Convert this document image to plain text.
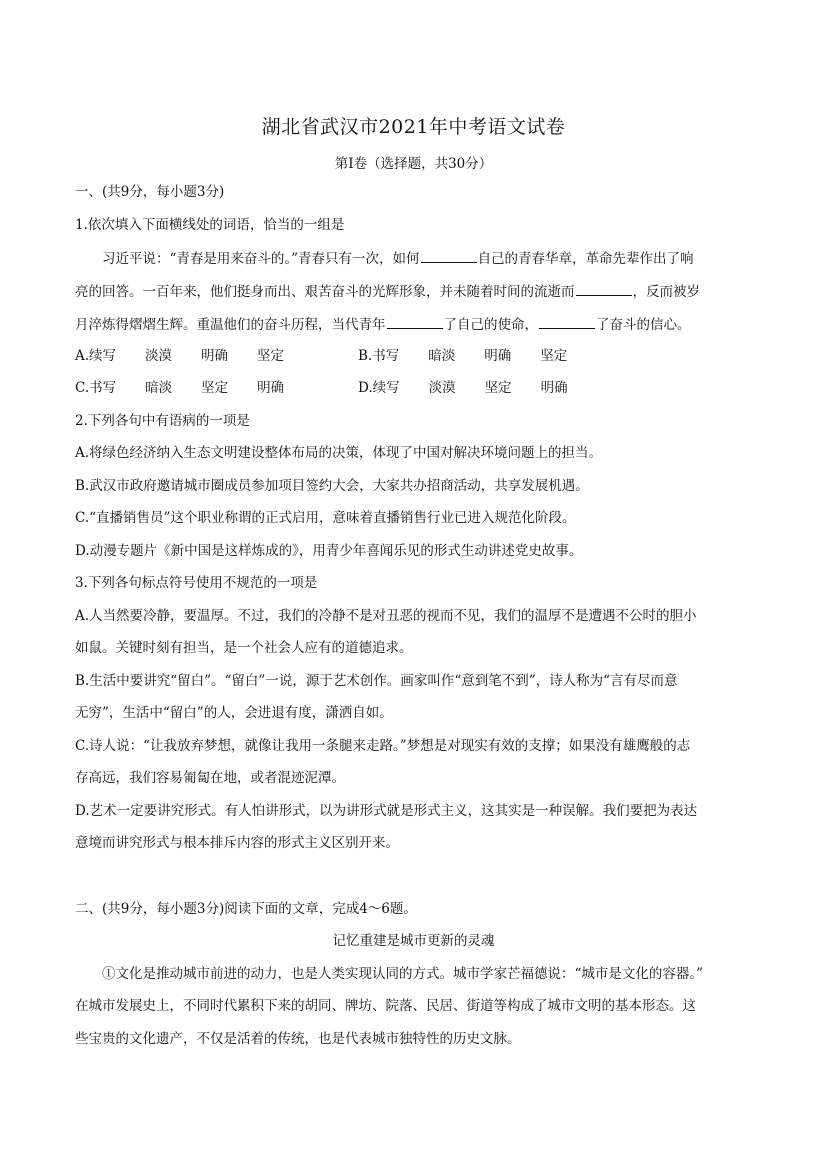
湖北省武汉市2021年中考语文试卷
第Ⅰ卷（选择题，共30分）
一、(共9分，每小题3分)
1.依次填入下面横线处的词语，恰当的一组是
习近平说：“青春是用来奋斗的。”青春只有一次，如何	自己的青春华章，革命先辈作出了响
亮的回答。一百年来，他们挺身而出、艰苦奋斗的光辉形象，并未随着时间的流逝而	，反而被岁
月淬炼得熠熠生辉。重温他们的奋斗历程，当代青年	了自己的使命，	了奋斗的信心。
A.续写 淡漠 明确 坚定	B.书写 暗淡 明确 坚定
C.书写 暗淡 坚定 明确	D.续写 淡漠 坚定 明确
2.下列各句中有语病的一项是
A.将绿色经济纳入生态文明建设整体布局的决策，体现了中国对解决环境问题上的担当。
B.武汉市政府邀请城市圈成员参加项目签约大会，大家共办招商活动，共享发展机遇。
C.“直播销售员”这个职业称谓的正式启用，意味着直播销售行业已进入规范化阶段。
D.动漫专题片《新中国是这样炼成的》，用青少年喜闻乐见的形式生动讲述党史故事。
3.下列各句标点符号使用不规范的一项是
A.人当然要冷静，要温厚。不过，我们的冷静不是对丑恶的视而不见，我们的温厚不是遭遇不公时的胆小
如鼠。关键时刻有担当，是一个社会人应有的道德追求。
B.生活中要讲究“留白”。“留白”一说，源于艺术创作。画家叫作“意到笔不到”，诗人称为“言有尽而意
无穷”，生活中“留白”的人，会进退有度，潇洒自如。
C.诗人说：“让我放弃梦想，就像让我用一条腿来走路。”梦想是对现实有效的支撑；如果没有雄鹰般的志
存高远，我们容易匍匐在地，或者混迹泥潭。
D.艺术一定要讲究形式。有人怕讲形式，以为讲形式就是形式主义，这其实是一种误解。我们要把为表达
意境而讲究形式与根本排斥内容的形式主义区别开来。
二、(共9分，每小题3分)阅读下面的文章，完成4～6题。
记忆重建是城市更新的灵魂
①文化是推动城市前进的动力，也是人类实现认同的方式。城市学家芒福德说：“城市是文化的容器。”
在城市发展史上，不同时代累积下来的胡同、牌坊、院落、民居、街道等构成了城市文明的基本形态。这
些宝贵的文化遗产，不仅是活着的传统，也是代表城市独特性的历史文脉。
